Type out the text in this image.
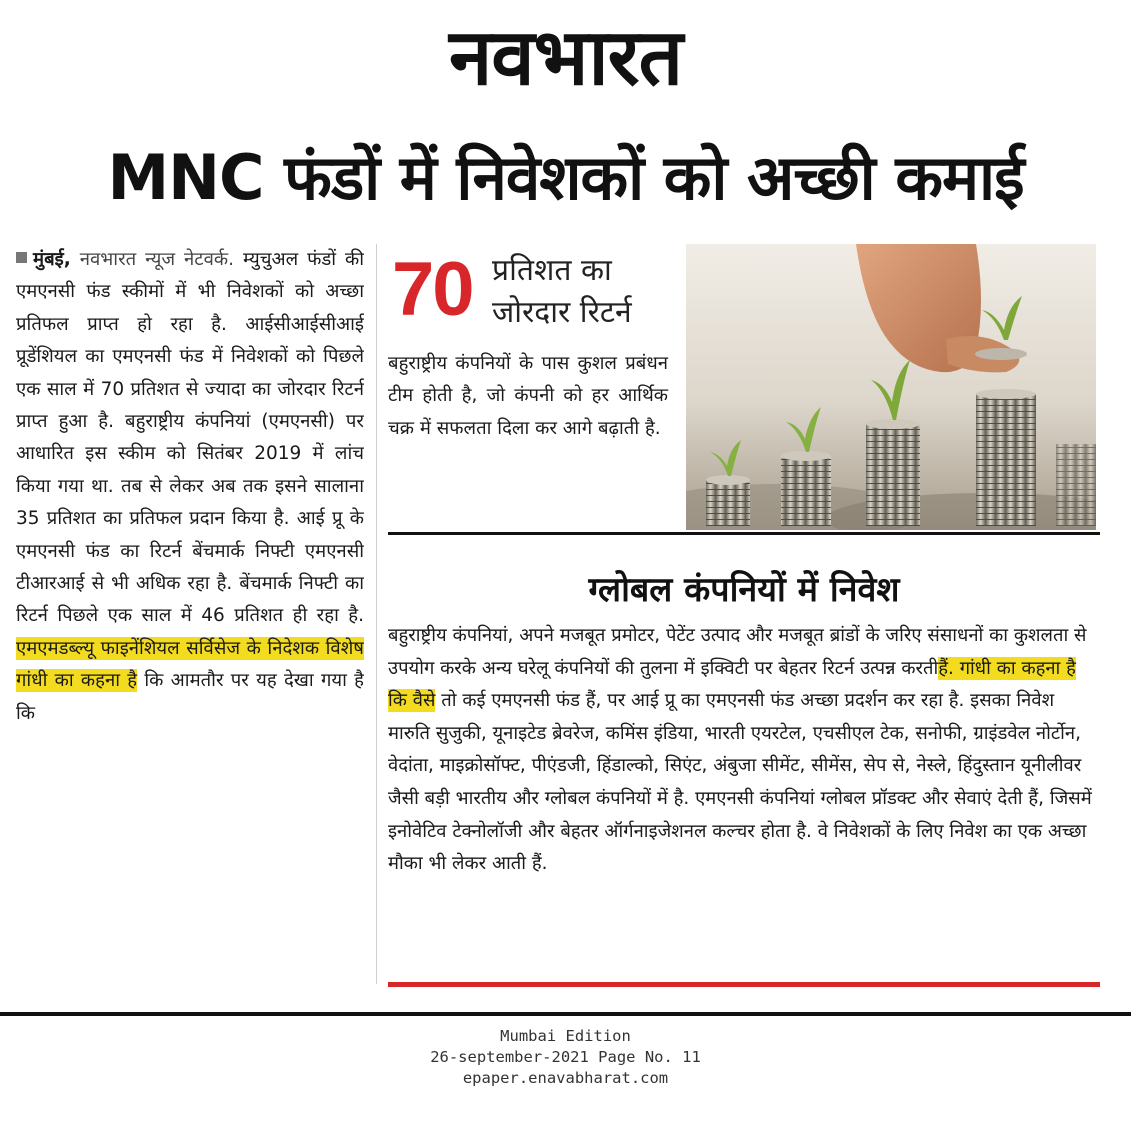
नवभारत
MNC फंडों में निवेशकों को अच्छी कमाई

मुंबई, नवभारत न्यूज नेटवर्क. म्युचुअल फंडों की एमएनसी फंड स्कीमों में भी निवेशकों को अच्छा प्रतिफल प्राप्त हो रहा है. आईसीआईसीआई प्रूडेंशियल का एमएनसी फंड में निवेशकों को पिछले एक साल में 70 प्रतिशत से ज्यादा का जोरदार रिटर्न प्राप्त हुआ है. बहुराष्ट्रीय कंपनियां (एमएनसी) पर आधारित इस स्कीम को सितंबर 2019 में लांच किया गया था. तब से लेकर अब तक इसने सालाना 35 प्रतिशत का प्रतिफल प्रदान किया है. आई प्रू के एमएनसी फंड का रिटर्न बेंचमार्क निफ्टी एमएनसी टीआरआई से भी अधिक रहा है. बेंचमार्क निफ्टी का रिटर्न पिछले एक साल में 46 प्रतिशत ही रहा है. एमएमडब्ल्यू फाइनेंशियल सर्विसेज के निदेशक विशेष गांधी का कहना है कि आमतौर पर यह देखा गया है कि

70 प्रतिशत का
जोरदार रिटर्न

बहुराष्ट्रीय कंपनियों के पास कुशल प्रबंधन टीम होती है, जो कंपनी को हर आर्थिक चक्र में सफलता दिला कर आगे बढ़ाती है.

ग्लोबल कंपनियों में निवेश

बहुराष्ट्रीय कंपनियां, अपने मजबूत प्रमोटर, पेटेंट उत्पाद और मजबूत ब्रांडों के जरिए संसाधनों का कुशलता से उपयोग करके अन्य घरेलू कंपनियों की तुलना में इक्विटी पर बेहतर रिटर्न उत्पन्न करतीहैं. गांधी का कहना है कि वैसे तो कई एमएनसी फंड हैं, पर आई प्रू का एमएनसी फंड अच्छा प्रदर्शन कर रहा है. इसका निवेश मारुति सुजुकी, यूनाइटेड ब्रेवरेज, कमिंस इंडिया, भारती एयरटेल, एचसीएल टेक, सनोफी, ग्राइंडवेल नोर्टोन, वेदांता, माइक्रोसॉफ्ट, पीएंडजी, हिंडाल्को, सिएंट, अंबुजा सीमेंट, सीमेंस, सेप से, नेस्ले, हिंदुस्तान यूनीलीवर जैसी बड़ी भारतीय और ग्लोबल कंपनियों में है. एमएनसी कंपनियां ग्लोबल प्रॉडक्ट और सेवाएं देती हैं, जिसमें इनोवेटिव टेक्नोलॉजी और बेहतर ऑर्गनाइजेशनल कल्चर होता है. वे निवेशकों के लिए निवेश का एक अच्छा मौका भी लेकर आती हैं.

Mumbai Edition
26-september-2021 Page No. 11
epaper.enavabharat.com
